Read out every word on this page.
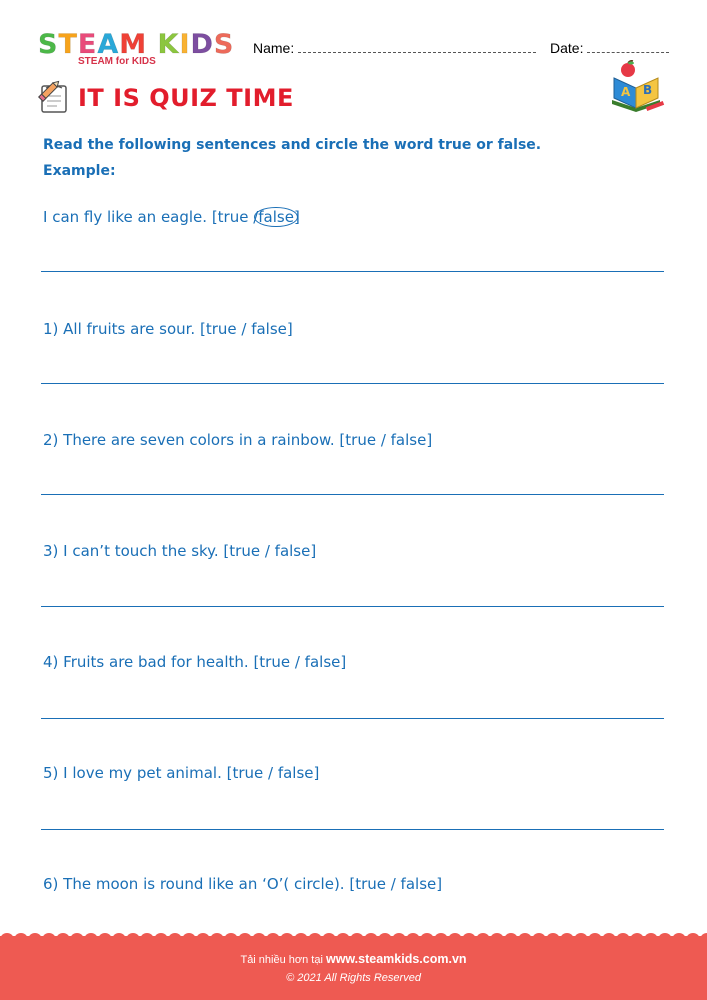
STEAM KIDS
STEAM for KIDS
Name:	Date:
IT IS QUIZ TIME	A B
Read the following sentences and circle the word true or false.
Example:
I can fly like an eagle. [true /false]
1) All fruits are sour. [true / false]
2) There are seven colors in a rainbow. [true / false]
3) I can’t touch the sky. [true / false]
4) Fruits are bad for health. [true / false]
5) I love my pet animal. [true / false]
6) The moon is round like an ‘O’( circle). [true / false]
Tải nhiều hơn tại www.steamkids.com.vn
© 2021 All Rights Reserved
